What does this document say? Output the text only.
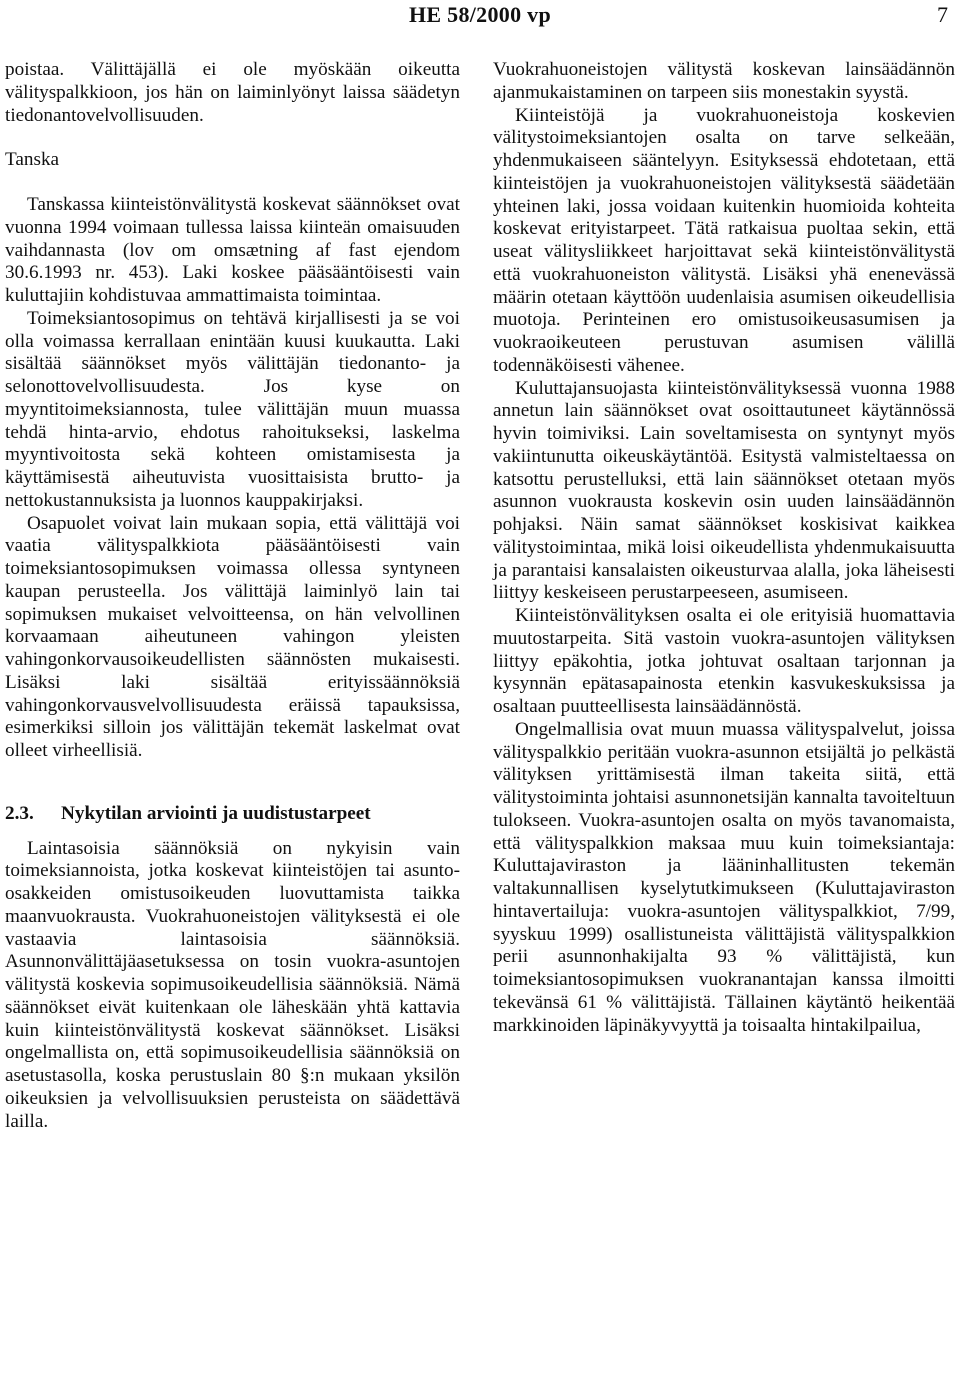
HE 58/2000 vp	7

poistaa. Välittäjällä ei ole myöskään oikeutta välityspalkkioon, jos hän on laiminlyönyt laissa säädetyn tiedonantovelvollisuuden.

Tanska

Tanskassa kiinteistönvälitystä koskevat säännökset ovat vuonna 1994 voimaan tullessa laissa kiinteän omaisuuden vaihdannasta (lov om omsætning af fast ejendom 30.6.1993 nr. 453). Laki koskee pääsääntöisesti vain kuluttajiin kohdistuvaa ammattimaista toimintaa.

Toimeksiantosopimus on tehtävä kirjallisesti ja se voi olla voimassa kerrallaan enintään kuusi kuukautta. Laki sisältää säännökset myös välittäjän tiedonanto- ja selonottovelvollisuudesta. Jos kyse on myyntitoimeksiannosta, tulee välittäjän muun muassa tehdä hinta-arvio, ehdotus rahoitukseksi, laskelma myyntivoitosta sekä kohteen omistamisesta ja käyttämisestä aiheutuvista vuosittaisista brutto- ja nettokustannuksista ja luonnos kauppakirjaksi.

Osapuolet voivat lain mukaan sopia, että välittäjä voi vaatia välityspalkkiota pääsääntöisesti vain toimeksiantosopimuksen voimassa ollessa syntyneen kaupan perusteella. Jos välittäjä laiminlyö lain tai sopimuksen mukaiset velvoitteensa, on hän velvollinen korvaamaan aiheutuneen vahingon yleisten vahingonkorvausoikeudellisten säännösten mukaisesti. Lisäksi laki sisältää erityissäännöksiä vahingonkorvausvelvollisuudesta eräissä tapauksissa, esimerkiksi silloin jos välittäjän tekemät laskelmat ovat olleet virheellisiä.

2.3. Nykytilan arviointi ja uudistustarpeet

Laintasoisia säännöksiä on nykyisin vain toimeksiannoista, jotka koskevat kiinteistöjen tai asunto-osakkeiden omistusoikeuden luovuttamista taikka maanvuokrausta. Vuokrahuoneistojen välityksestä ei ole vastaavia laintasoisia säännöksiä. Asunnonvälittäjäasetuksessa on tosin vuokra-asuntojen välitystä koskevia sopimusoikeudellisia säännöksiä. Nämä säännökset eivät kuitenkaan ole läheskään yhtä kattavia kuin kiinteistönvälitystä koskevat säännökset. Lisäksi ongelmallista on, että sopimusoikeudellisia säännöksiä on asetustasolla, koska perustuslain 80 §:n mukaan yksilön oikeuksien ja velvollisuuksien perusteista on säädettävä lailla.

Vuokrahuoneistojen välitystä koskevan lainsäädännön ajanmukaistaminen on tarpeen siis monestakin syystä.

Kiinteistöjä ja vuokrahuoneistoja koskevien välitystoimeksiantojen osalta on tarve selkeään, yhdenmukaiseen sääntelyyn. Esityksessä ehdotetaan, että kiinteistöjen ja vuokrahuoneistojen välityksestä säädetään yhteinen laki, jossa voidaan kuitenkin huomioida kohteita koskevat erityistarpeet. Tätä ratkaisua puoltaa sekin, että useat välitysliikkeet harjoittavat sekä kiinteistönvälitystä että vuokrahuoneiston välitystä. Lisäksi yhä enenevässä määrin otetaan käyttöön uudenlaisia asumisen oikeudellisia muotoja. Perinteinen ero omistusoikeusasumisen ja vuokraoikeuteen perustuvan asumisen välillä todennäköisesti vähenee.

Kuluttajansuojasta kiinteistönvälityksessä vuonna 1988 annetun lain säännökset ovat osoittautuneet käytännössä hyvin toimiviksi. Lain soveltamisesta on syntynyt myös vakiintunutta oikeuskäytäntöä. Esitystä valmisteltaessa on katsottu perustelluksi, että lain säännökset otetaan myös asunnon vuokrausta koskevin osin uuden lainsäädännön pohjaksi. Näin samat säännökset koskisivat kaikkea välitystoimintaa, mikä loisi oikeudellista yhdenmukaisuutta ja parantaisi kansalaisten oikeusturvaa alalla, joka läheisesti liittyy keskeiseen perustarpeeseen, asumiseen.

Kiinteistönvälityksen osalta ei ole erityisiä huomattavia muutostarpeita. Sitä vastoin vuokra-asuntojen välityksen liittyy epäkohtia, jotka johtuvat osaltaan tarjonnan ja kysynnän epätasapainosta etenkin kasvukeskuksissa ja osaltaan puutteellisesta lainsäädännöstä.

Ongelmallisia ovat muun muassa välityspalvelut, joissa välityspalkkio peritään vuokra-asunnon etsijältä jo pelkästä välityksen yrittämisestä ilman takeita siitä, että välitystoiminta johtaisi asunnonetsijän kannalta tavoiteltuun tulokseen. Vuokra-asuntojen osalta on myös tavanomaista, että välityspalkkion maksaa muu kuin toimeksiantaja: Kuluttajaviraston ja lääninhallitusten tekemän valtakunnallisen kyselytutkimukseen (Kuluttajaviraston hintavertailuja: vuokra-asuntojen välityspalkkiot, 7/99, syyskuu 1999) osallistuneista välittäjistä välityspalkkion perii asunnonhakijalta 93 % välittäjistä, kun toimeksiantosopimuksen vuokranantajan kanssa ilmoitti tekevänsä 61 % välittäjistä. Tällainen käytäntö heikentää markkinoiden läpinäkyvyyttä ja toisaalta hintakilpailua,
